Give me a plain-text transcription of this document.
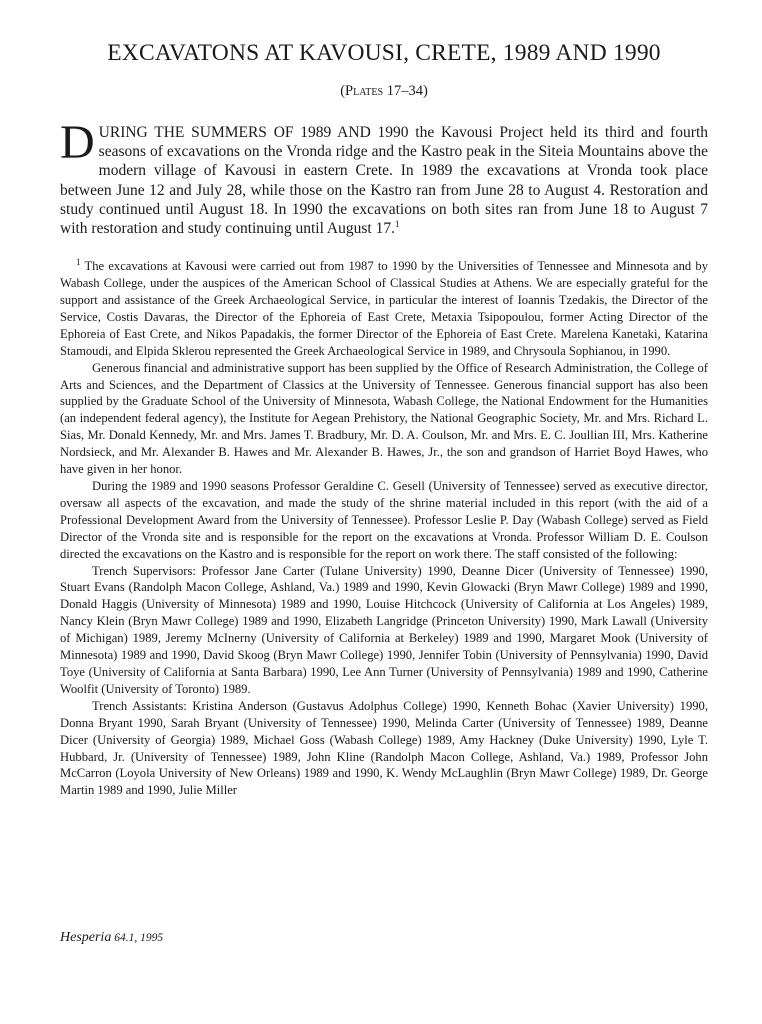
EXCAVATONS AT KAVOUSI, CRETE, 1989 AND 1990
(Plates 17–34)
DURING THE SUMMERS OF 1989 AND 1990 the Kavousi Project held its third and fourth seasons of excavations on the Vronda ridge and the Kastro peak in the Siteia Mountains above the modern village of Kavousi in eastern Crete. In 1989 the excavations at Vronda took place between June 12 and July 28, while those on the Kastro ran from June 28 to August 4. Restoration and study continued until August 18. In 1990 the excavations on both sites ran from June 18 to August 7 with restoration and study continuing until August 17.$^1$

$^1$ The excavations at Kavousi were carried out from 1987 to 1990 by the Universities of Tennessee and Minnesota and by Wabash College, under the auspices of the American School of Classical Studies at Athens. We are especially grateful for the support and assistance of the Greek Archaeological Service, in particular the interest of Ioannis Tzedakis, the Director of the Service, Costis Davaras, the Director of the Ephoreia of East Crete, Metaxia Tsipopoulou, former Acting Director of the Ephoreia of East Crete, and Nikos Papadakis, the former Director of the Ephoreia of East Crete. Marelena Kanetaki, Katarina Stamoudi, and Elpida Sklerou represented the Greek Archaeological Service in 1989, and Chrysoula Sophianou, in 1990.

Generous financial and administrative support has been supplied by the Office of Research Administration, the College of Arts and Sciences, and the Department of Classics at the University of Tennessee. Generous financial support has also been supplied by the Graduate School of the University of Minnesota, Wabash College, the National Endowment for the Humanities (an independent federal agency), the Institute for Aegean Prehistory, the National Geographic Society, Mr. and Mrs. Richard L. Sias, Mr. Donald Kennedy, Mr. and Mrs. James T. Bradbury, Mr. D. A. Coulson, Mr. and Mrs. E. C. Joullian III, Mrs. Katherine Nordsieck, and Mr. Alexander B. Hawes and Mr. Alexander B. Hawes, Jr., the son and grandson of Harriet Boyd Hawes, who have given in her honor.

During the 1989 and 1990 seasons Professor Geraldine C. Gesell (University of Tennessee) served as executive director, oversaw all aspects of the excavation, and made the study of the shrine material included in this report (with the aid of a Professional Development Award from the University of Tennessee). Professor Leslie P. Day (Wabash College) served as Field Director of the Vronda site and is responsible for the report on the excavations at Vronda. Professor William D. E. Coulson directed the excavations on the Kastro and is responsible for the report on work there. The staff consisted of the following:

Trench Supervisors: Professor Jane Carter (Tulane University) 1990, Deanne Dicer (University of Tennessee) 1990, Stuart Evans (Randolph Macon College, Ashland, Va.) 1989 and 1990, Kevin Glowacki (Bryn Mawr College) 1989 and 1990, Donald Haggis (University of Minnesota) 1989 and 1990, Louise Hitchcock (University of California at Los Angeles) 1989, Nancy Klein (Bryn Mawr College) 1989 and 1990, Elizabeth Langridge (Princeton University) 1990, Mark Lawall (University of Michigan) 1989, Jeremy McInerny (University of California at Berkeley) 1989 and 1990, Margaret Mook (University of Minnesota) 1989 and 1990, David Skoog (Bryn Mawr College) 1990, Jennifer Tobin (University of Pennsylvania) 1990, David Toye (University of California at Santa Barbara) 1990, Lee Ann Turner (University of Pennsylvania) 1989 and 1990, Catherine Woolfit (University of Toronto) 1989.

Trench Assistants: Kristina Anderson (Gustavus Adolphus College) 1990, Kenneth Bohac (Xavier University) 1990, Donna Bryant 1990, Sarah Bryant (University of Tennessee) 1990, Melinda Carter (University of Tennessee) 1989, Deanne Dicer (University of Georgia) 1989, Michael Goss (Wabash College) 1989, Amy Hackney (Duke University) 1990, Lyle T. Hubbard, Jr. (University of Tennessee) 1989, John Kline (Randolph Macon College, Ashland, Va.) 1989, Professor John McCarron (Loyola University of New Orleans) 1989 and 1990, K. Wendy McLaughlin (Bryn Mawr College) 1989, Dr. George Martin 1989 and 1990, Julie Miller

Hesperia 64.1, 1995
